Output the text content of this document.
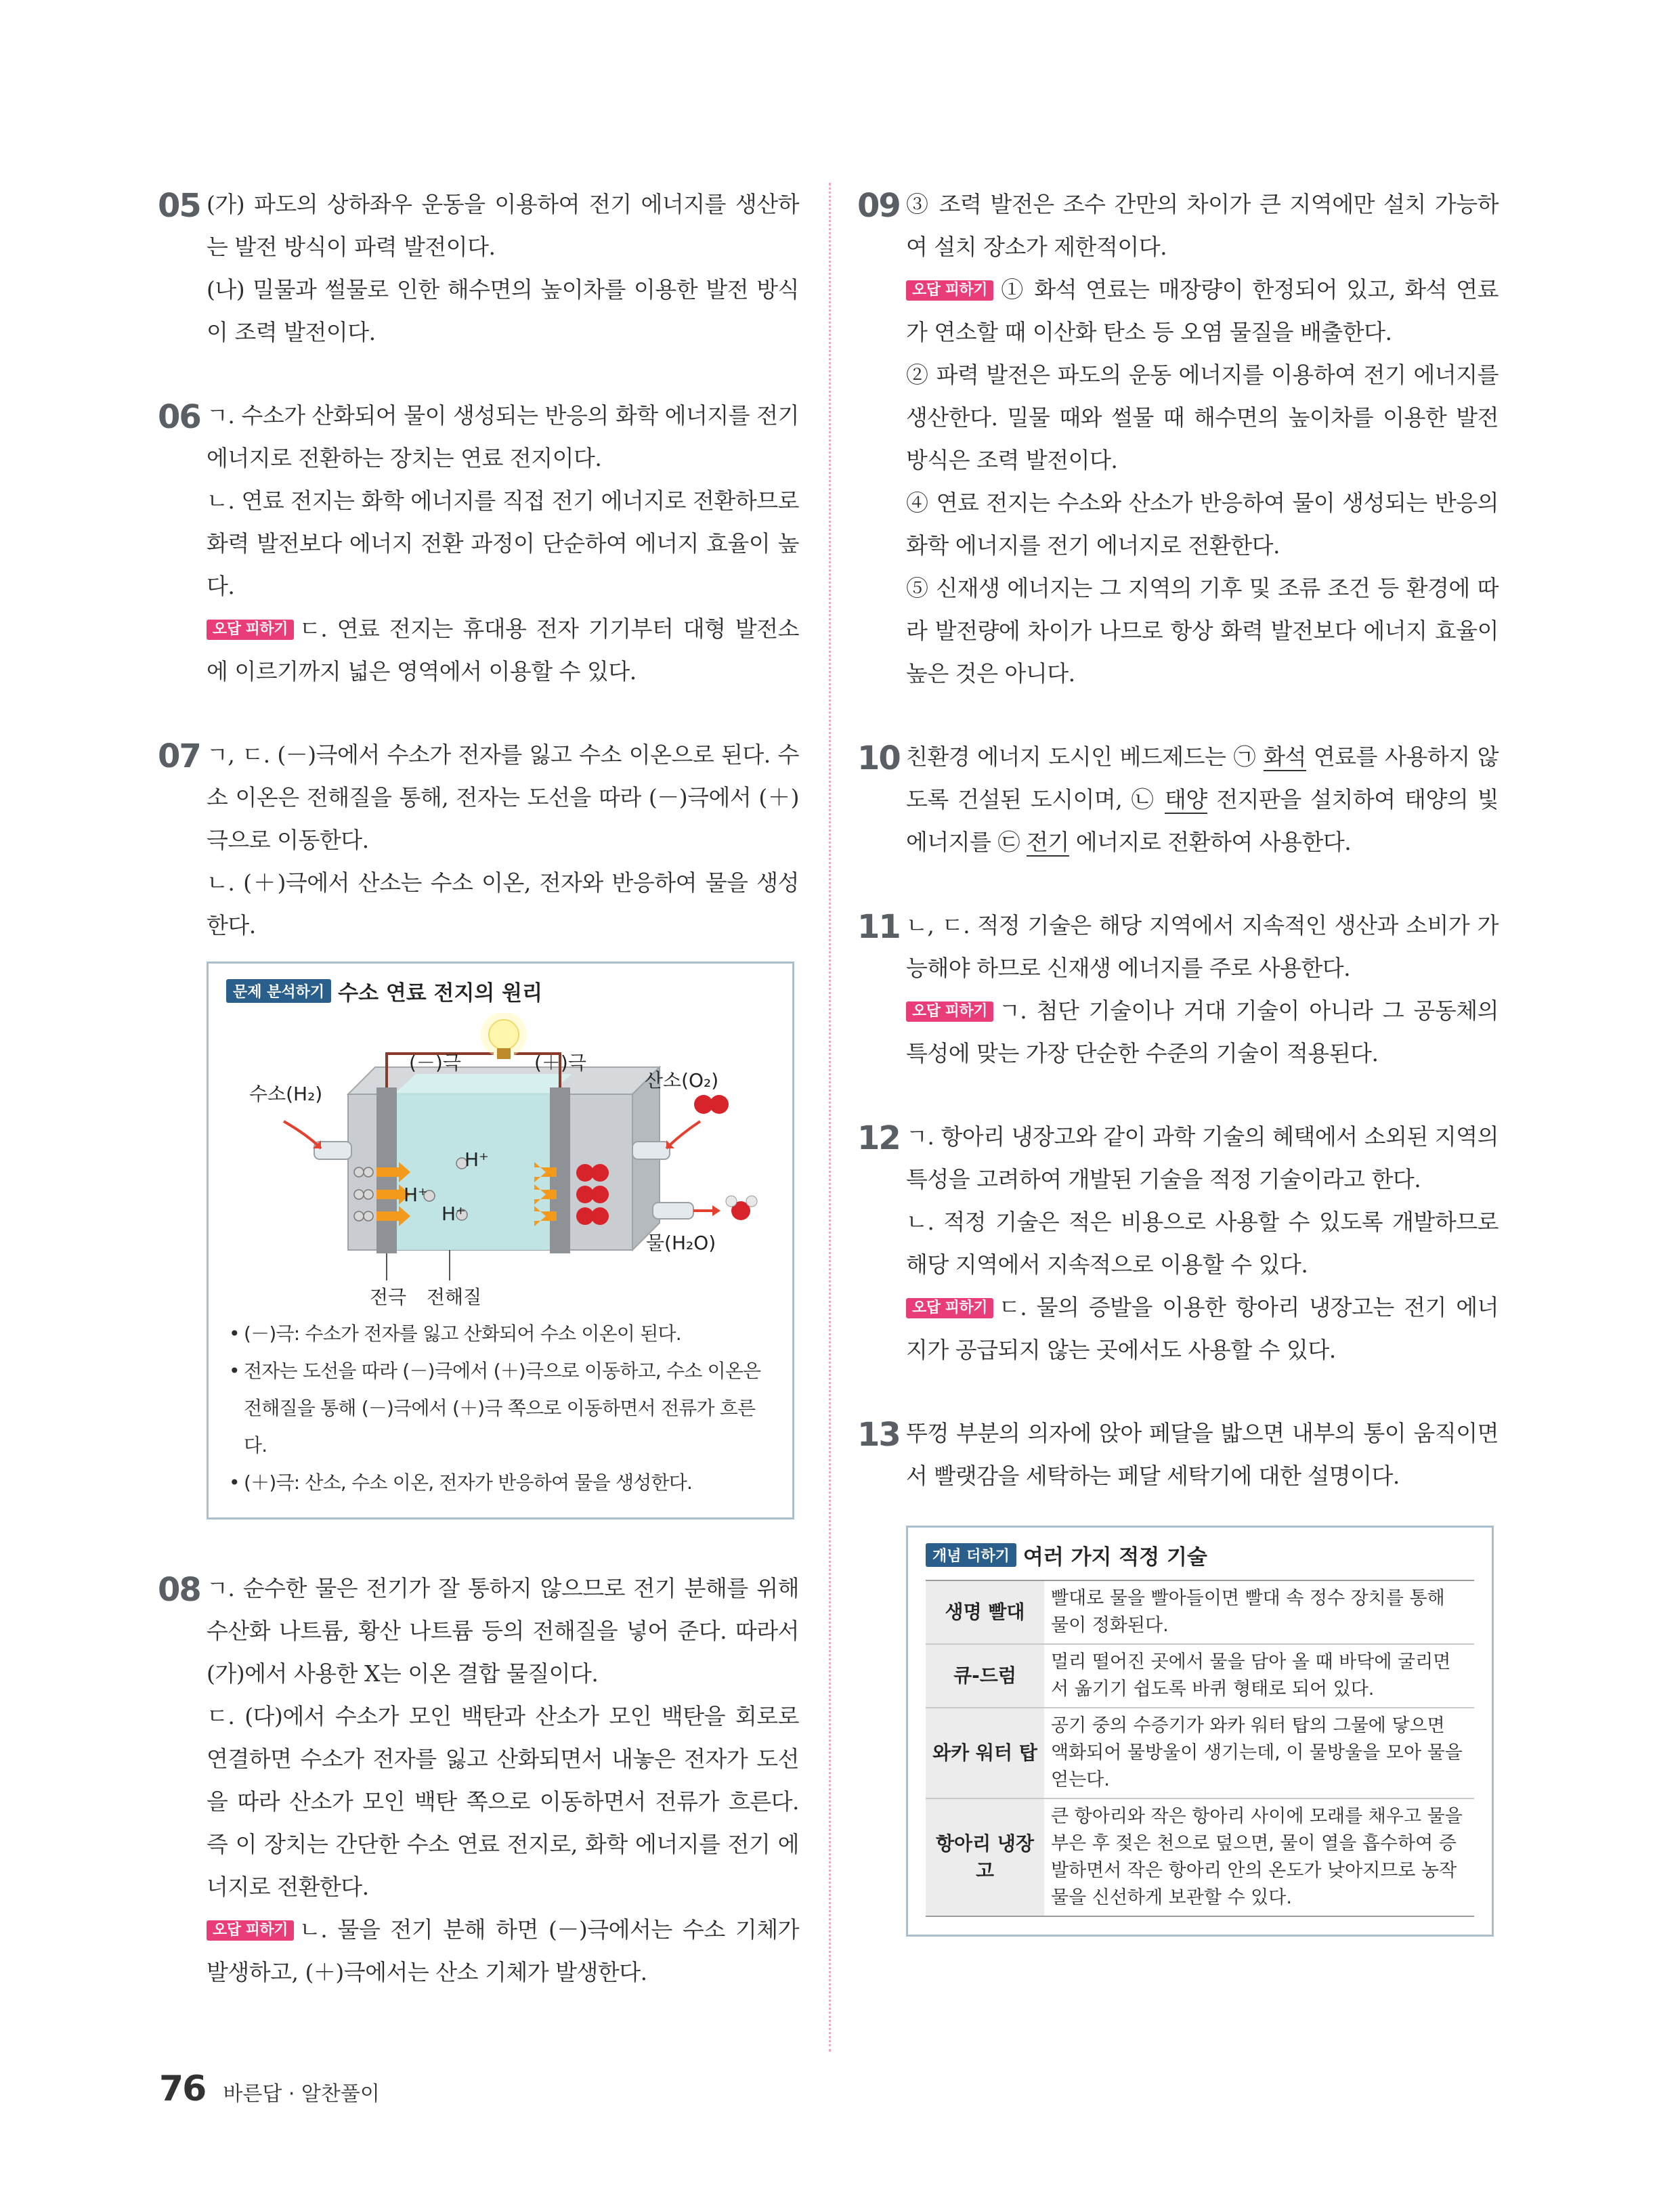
05 (가) 파도의 상하좌우 운동을 이용하여 전기 에너지를 생산하는 발전 방식이 파력 발전이다.

(나) 밀물과 썰물로 인한 해수면의 높이차를 이용한 발전 방식이 조력 발전이다.

06 ㄱ. 수소가 산화되어 물이 생성되는 반응의 화학 에너지를 전기 에너지로 전환하는 장치는 연료 전지이다.

ㄴ. 연료 전지는 화학 에너지를 직접 전기 에너지로 전환하므로 화력 발전보다 에너지 전환 과정이 단순하여 에너지 효율이 높다.

오답 피하기 ㄷ. 연료 전지는 휴대용 전자 기기부터 대형 발전소에 이르기까지 넓은 영역에서 이용할 수 있다.

07 ㄱ, ㄷ. (－)극에서 수소가 전자를 잃고 수소 이온으로 된다. 수소 이온은 전해질을 통해, 전자는 도선을 따라 (－)극에서 (＋)극으로 이동한다.

ㄴ. (＋)극에서 산소는 수소 이온, 전자와 반응하여 물을 생성한다.

문제 분석하기 수소 연료 전지의 원리
(－)극	(＋)극
수소(H₂)
산소(O₂)
물(H₂O)
전극 전해질
H⁺
H⁺
H⁺
• (－)극: 수소가 전자를 잃고 산화되어 수소 이온이 된다.
• 전자는 도선을 따라 (－)극에서 (＋)극으로 이동하고, 수소 이온은 전해질을 통해 (－)극에서 (＋)극 쪽으로 이동하면서 전류가 흐른다.
• (＋)극: 산소, 수소 이온, 전자가 반응하여 물을 생성한다.
08 ㄱ. 순수한 물은 전기가 잘 통하지 않으므로 전기 분해를 위해 수산화 나트륨, 황산 나트륨 등의 전해질을 넣어 준다. 따라서 (가)에서 사용한 X는 이온 결합 물질이다.

ㄷ. (다)에서 수소가 모인 백탄과 산소가 모인 백탄을 회로로 연결하면 수소가 전자를 잃고 산화되면서 내놓은 전자가 도선을 따라 산소가 모인 백탄 쪽으로 이동하면서 전류가 흐른다. 즉 이 장치는 간단한 수소 연료 전지로, 화학 에너지를 전기 에너지로 전환한다.

오답 피하기 ㄴ. 물을 전기 분해 하면 (－)극에서는 수소 기체가 발생하고, (＋)극에서는 산소 기체가 발생한다.

09 ③ 조력 발전은 조수 간만의 차이가 큰 지역에만 설치 가능하여 설치 장소가 제한적이다.

오답 피하기 ① 화석 연료는 매장량이 한정되어 있고, 화석 연료가 연소할 때 이산화 탄소 등 오염 물질을 배출한다.

② 파력 발전은 파도의 운동 에너지를 이용하여 전기 에너지를 생산한다. 밀물 때와 썰물 때 해수면의 높이차를 이용한 발전 방식은 조력 발전이다.

④ 연료 전지는 수소와 산소가 반응하여 물이 생성되는 반응의 화학 에너지를 전기 에너지로 전환한다.

⑤ 신재생 에너지는 그 지역의 기후 및 조류 조건 등 환경에 따라 발전량에 차이가 나므로 항상 화력 발전보다 에너지 효율이 높은 것은 아니다.

10 친환경 에너지 도시인 베드제드는 ㉠ 화석 연료를 사용하지 않도록 건설된 도시이며, ㉡ 태양 전지판을 설치하여 태양의 빛에너지를 ㉢ 전기 에너지로 전환하여 사용한다.

11 ㄴ, ㄷ. 적정 기술은 해당 지역에서 지속적인 생산과 소비가 가능해야 하므로 신재생 에너지를 주로 사용한다.

오답 피하기 ㄱ. 첨단 기술이나 거대 기술이 아니라 그 공동체의 특성에 맞는 가장 단순한 수준의 기술이 적용된다.

12 ㄱ. 항아리 냉장고와 같이 과학 기술의 혜택에서 소외된 지역의 특성을 고려하여 개발된 기술을 적정 기술이라고 한다.

ㄴ. 적정 기술은 적은 비용으로 사용할 수 있도록 개발하므로 해당 지역에서 지속적으로 이용할 수 있다.

오답 피하기 ㄷ. 물의 증발을 이용한 항아리 냉장고는 전기 에너지가 공급되지 않는 곳에서도 사용할 수 있다.

13 뚜껑 부분의 의자에 앉아 페달을 밟으면 내부의 통이 움직이면서 빨랫감을 세탁하는 페달 세탁기에 대한 설명이다.

개념 더하기 여러 가지 적정 기술
생명 빨대	빨대로 물을 빨아들이면 빨대 속 정수 장치를 통해 물이 정화된다.
큐-드럼	멀리 떨어진 곳에서 물을 담아 올 때 바닥에 굴리면서 옮기기 쉽도록 바퀴 형태로 되어 있다.
와카 워터 탑	공기 중의 수증기가 와카 워터 탑의 그물에 닿으면 액화되어 물방울이 생기는데, 이 물방울을 모아 물을 얻는다.
항아리 냉장고	큰 항아리와 작은 항아리 사이에 모래를 채우고 물을 부은 후 젖은 천으로 덮으면, 물이 열을 흡수하여 증발하면서 작은 항아리 안의 온도가 낮아지므로 농작물을 신선하게 보관할 수 있다.
76 바른답 · 알찬풀이
